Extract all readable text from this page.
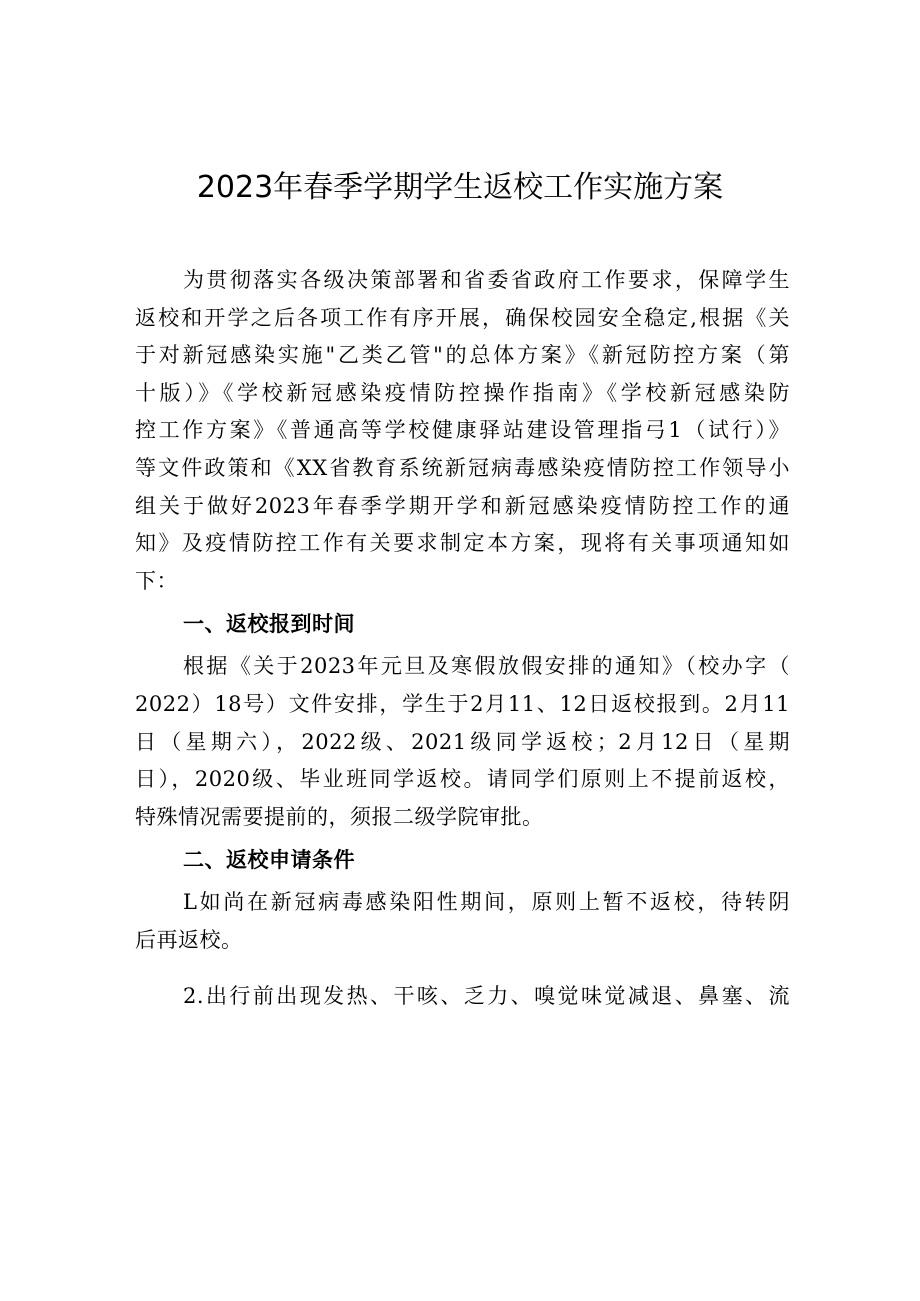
2023年春季学期学生返校工作实施方案
为贯彻落实各级决策部署和省委省政府工作要求，保障学生
返校和开学之后各项工作有序开展，确保校园安全稳定,根据《关
于对新冠感染实施"乙类乙管"的总体方案》《新冠防控方案（第
十版）》《学校新冠感染疫情防控操作指南》《学校新冠感染防
控工作方案》《普通高等学校健康驿站建设管理指弓1（试行）》
等文件政策和《XX省教育系统新冠病毒感染疫情防控工作领导小
组关于做好2023年春季学期开学和新冠感染疫情防控工作的通
知》及疫情防控工作有关要求制定本方案，现将有关事项通知如
下：
一、返校报到时间
根据《关于2023年元旦及寒假放假安排的通知》（校办字（
2022）18号）文件安排，学生于2月11、12日返校报到。2月11
日（星期六），2022级、2021级同学返校；2月12日（星期
日），2020级、毕业班同学返校。请同学们原则上不提前返校，
特殊情况需要提前的，须报二级学院审批。
二、返校申请条件
L如尚在新冠病毒感染阳性期间，原则上暂不返校，待转阴
后再返校。
2.出行前出现发热、干咳、乏力、嗅觉味觉减退、鼻塞、流
